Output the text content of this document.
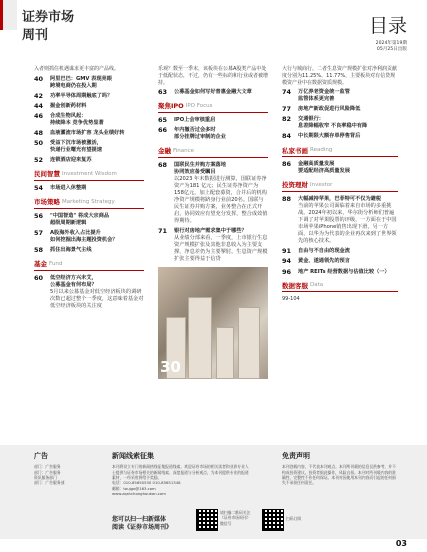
证券市场周刊	目录
2024年第19期
05月25日出版
入者则抓住机遇谋求更丰富的产品线。
40	阿里巴巴：GMV 表现亮眼
跨境电商仍在投入期
42	功率半导体周期触底了吗？
44	掘金创新药材料
46	合成生物风起：
持续降本 竞争优势显著
48	血液灌流市场扩容 龙头业绩好转
50	受益下沉市场被激活，
快递行业曙光有望提速
52	连锁酒店迎来复苏
民间智慧 Investment Wisdom
54	市场进入休整期
市场策略 Marketing Strategy
56	"中国智造" 将成大宗商品
超级周期新逻辑
57	A股海外收入占比提升
如何挖掘出海主题投资机会？
58	抓住出海景气主线
基金 Fund
60	低空经济方兴未艾，
公募基金有何布局？
5月以来公募基金对低空经济板块的调研次数已超过整个一季度，这意味着基金对低空经济板块的关注度
乐观？数至一季末，该板块在公募A股类产品中处于低配状态，不过，仍有一些标的和行业或者被增持。
63	公募基金如何写好普惠金融大文章
聚焦IPO IPO Focus
65	IPO上会审核重启
66	年内撤否过会多时
部分挂牌过审制的企业
金融 Finance
68	国联民生并购方案落地
协同效应备受瞩目
以2023 年末数据进行测算，国联证券净资产为181 亿元；民生证券净资产为158亿元，加上配套募资，合并后的机构净资产规模将跻身行业前20名。国联与民生证券并购方案，业务整合在正式开启，协同效应有望充分发挥，整合成效值得期待。
71	银行对房地产需求集中于哪些？
从业绩分部来看，一季度，上市银行生息资产规模扩张及其他非息收入为主要支撑，净息差仍为主要掣肘。生息资产规模扩张主要得益于信贷
30
大行与城商行。二者生息资产规模扩张对净利润贡献度分别为11.25%、11.77%，主要板块对有信贷规模资产业中在数据资质规模。
74	万亿养老资金统一监管
监管体系更完善
77	房地产新政促进行风险降低
82	交通银行：
息差降幅收窄 不良率稳中有降
84	中长期限大额存单停售背后
私家书画 Reading
86	金融高质量发展
要适配经济高质量发展
投资理财 Investor
88	大幅减持苹果，巴菲特可不仅为避税
当前的苹果公司面临着来自市场的多重挑战。2024年初以来，华尔街分析师们普遍下调了对苹果股票的评级，一方面在于中国市场苹果iPhone销售出现下滑，另一方面，以华为为代表的企业再次来到了世界领先的核心技术。
91	自由与不自由的现金流
94	黄金、遂通领先的预言
96	地产 REITs 经营数据与估值比较（一）
数据客服 Data
99-104
广告
部门：广告服务
部门：广告服务
资讯服务部门
部门：广告服务部
新闻线索征集
本刊将设立专门的新闻热线征集报道线索。欢迎证券市场的相关读者和业界专业人士提供与证券市场相关的新闻线索、深度报道与分析观点，为本刊提供专业的报道素材，一经采用将给予奖励。
电话：010-85650530 010-85651348
邮箱：toujgo@163.com
www.zqshchonghoukan.com
您可以扫一扫新媒体
阅读《证券市场周刊》
请扫描二维码关注
《证券市场周刊》
微信号
扫码订阅
免责声明
本刊登载内容，不代表本刊观点。本刊所刊载的信息仅供参考，并不构成投资建议。投资者据此操作，风险自担。本刊对所刊载内容的准确性、完整性不作任何保证。本刊对因使用本刊内容而引起的任何损失不承担任何责任。
03
